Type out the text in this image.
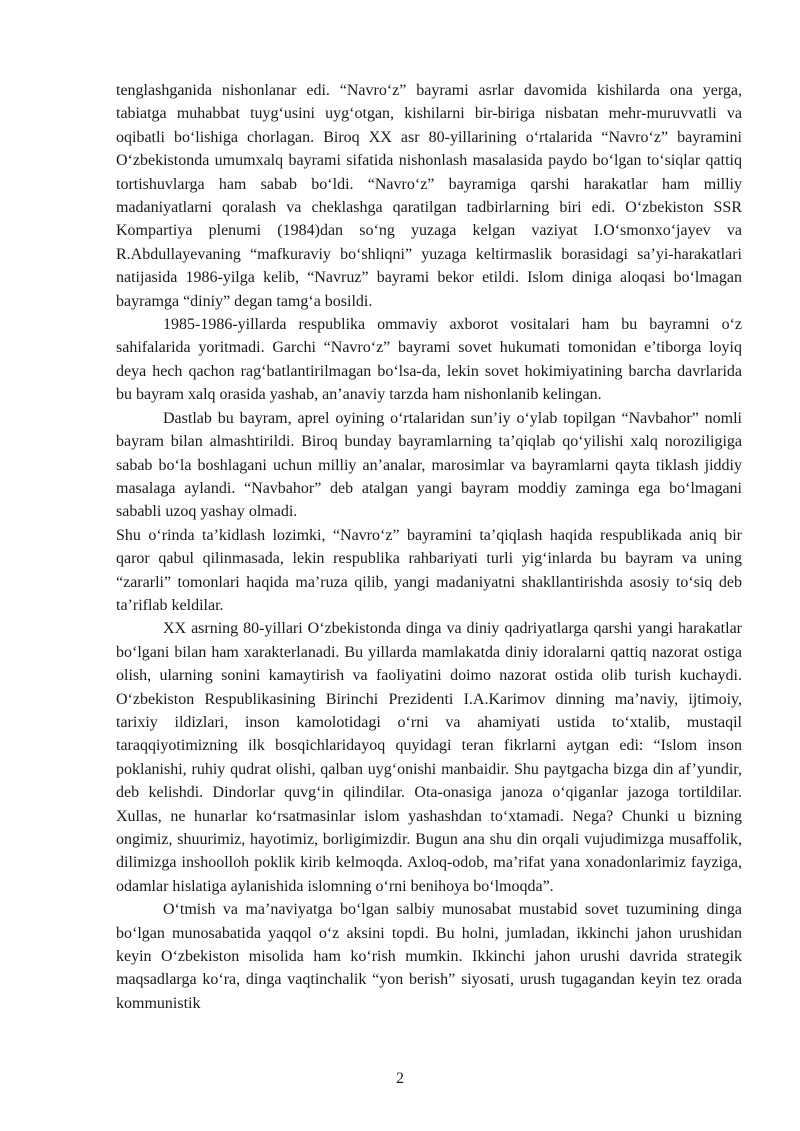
tenglashganida nishonlanar edi. “Navro‘z” bayrami asrlar davomida kishilarda ona yerga, tabiatga muhabbat tuyg‘usini uyg‘otgan, kishilarni bir-biriga nisbatan mehr-muruvvatli va oqibatli bo‘lishiga chorlagan. Biroq XX asr 80-yillarining o‘rtalarida “Navro‘z” bayramini O‘zbekistonda umumxalq bayrami sifatida nishonlash masalasida paydo bo‘lgan to‘siqlar qattiq tortishuvlarga ham sabab bo‘ldi. “Navro‘z” bayramiga qarshi harakatlar ham milliy madaniyatlarni qoralash va cheklashga qaratilgan tadbirlarning biri edi. O‘zbekiston SSR Kompartiya plenumi (1984)dan so‘ng yuzaga kelgan vaziyat I.O‘smonxo‘jayev va R.Abdullayevaning “mafkuraviy bo‘shliqni” yuzaga keltirmaslik borasidagi sa’yi-harakatlari natijasida 1986-yilga kelib, “Navruz” bayrami bekor etildi. Islom diniga aloqasi bo‘lmagan bayramga “diniy” degan tamg‘a bosildi.

1985-1986-yillarda respublika ommaviy axborot vositalari ham bu bayramni o‘z sahifalarida yoritmadi. Garchi “Navro‘z” bayrami sovet hukumati tomonidan e’tiborga loyiq deya hech qachon rag‘batlantirilmagan bo‘lsa-da, lekin sovet hokimiyatining barcha davrlarida bu bayram xalq orasida yashab, an’anaviy tarzda ham nishonlanib kelingan.

Dastlab bu bayram, aprel oyining o‘rtalaridan sun’iy o‘ylab topilgan “Navbahor” nomli bayram bilan almashtirildi. Biroq bunday bayramlarning ta’qiqlab qo‘yilishi xalq noroziligiga sabab bo‘la boshlagani uchun milliy an’analar, marosimlar va bayramlarni qayta tiklash jiddiy masalaga aylandi. “Navbahor” deb atalgan yangi bayram moddiy zaminga ega bo‘lmagani sababli uzoq yashay olmadi.

Shu o‘rinda ta’kidlash lozimki, “Navro‘z” bayramini ta’qiqlash haqida respublikada aniq bir qaror qabul qilinmasada, lekin respublika rahbariyati turli yig‘inlarda bu bayram va uning “zararli” tomonlari haqida ma’ruza qilib, yangi madaniyatni shakllantirishda asosiy to‘siq deb ta’riflab keldilar.

XX asrning 80-yillari O‘zbekistonda dinga va diniy qadriyatlarga qarshi yangi harakatlar bo‘lgani bilan ham xarakterlanadi. Bu yillarda mamlakatda diniy idoralarni qattiq nazorat ostiga olish, ularning sonini kamaytirish va faoliyatini doimo nazorat ostida olib turish kuchaydi. O‘zbekiston Respublikasining Birinchi Prezidenti I.A.Karimov dinning ma’naviy, ijtimoiy, tarixiy ildizlari, inson kamolotidagi o‘rni va ahamiyati ustida to‘xtalib, mustaqil taraqqiyotimizning ilk bosqichlaridayoq quyidagi teran fikrlarni aytgan edi: “Islom inson poklanishi, ruhiy qudrat olishi, qalban uyg‘onishi manbaidir. Shu paytgacha bizga din af’yundir, deb kelishdi. Dindorlar quvg‘in qilindilar. Ota-onasiga janoza o‘qiganlar jazoga tortildilar. Xullas, ne hunarlar ko‘rsatmasinlar islom yashashdan to‘xtamadi. Nega? Chunki u bizning ongimiz, shuurimiz, hayotimiz, borligimizdir. Bugun ana shu din orqali vujudimizga musaffolik, dilimizga inshoolloh poklik kirib kelmoqda. Axloq-odob, ma’rifat yana xonadonlarimiz fayziga, odamlar hislatiga aylanishida islomning o‘rni benihoya bo‘lmoqda”.

O‘tmish va ma’naviyatga bo‘lgan salbiy munosabat mustabid sovet tuzumining dinga bo‘lgan munosabatida yaqqol o‘z aksini topdi. Bu holni, jumladan, ikkinchi jahon urushidan keyin O‘zbekiston misolida ham ko‘rish mumkin. Ikkinchi jahon urushi davrida strategik maqsadlarga ko‘ra, dinga vaqtinchalik “yon berish” siyosati, urush tugagandan keyin tez orada kommunistik

2
